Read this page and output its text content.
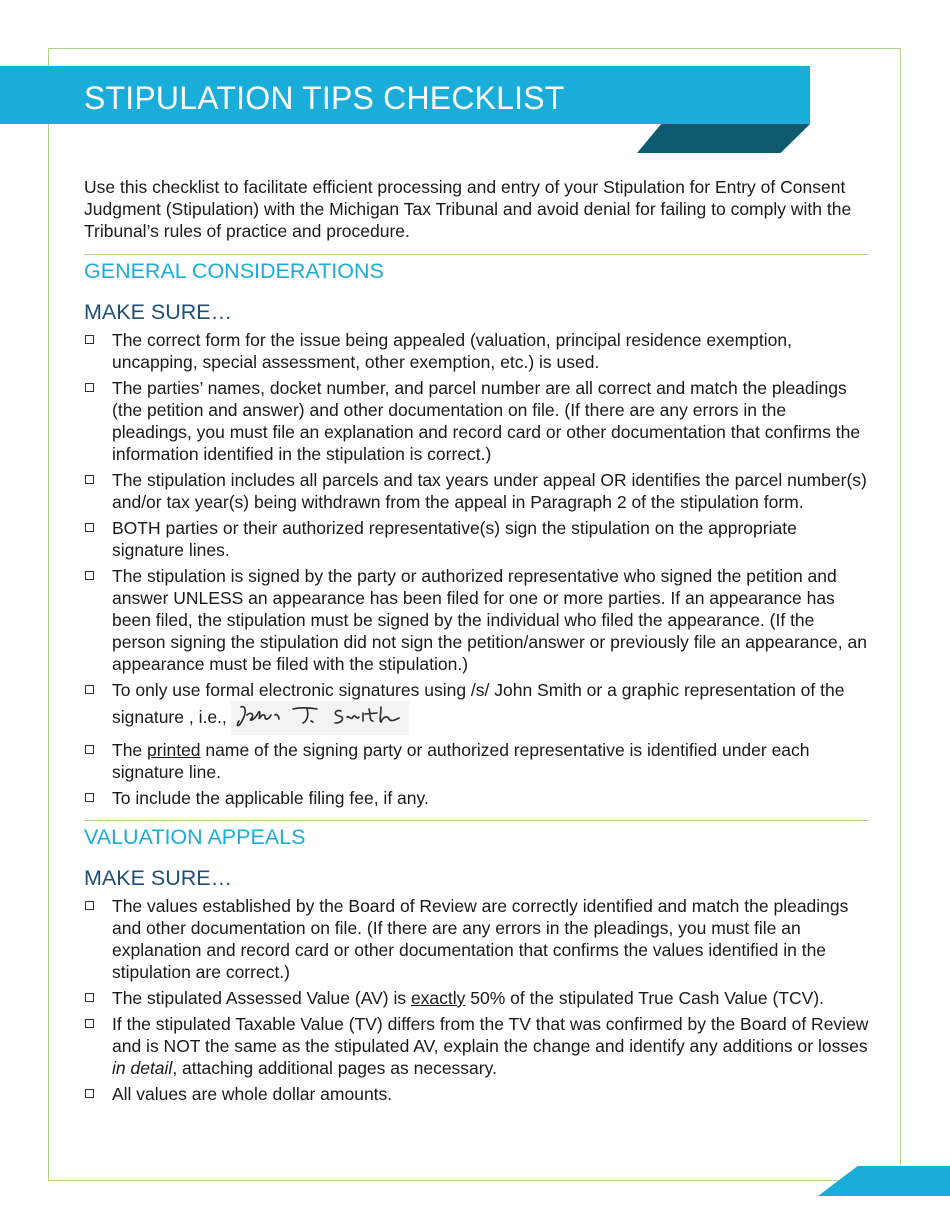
STIPULATION TIPS CHECKLIST

Use this checklist to facilitate efficient processing and entry of your Stipulation for Entry of Consent Judgment (Stipulation) with the Michigan Tax Tribunal and avoid denial for failing to comply with the Tribunal’s rules of practice and procedure.

GENERAL CONSIDERATIONS
MAKE SURE…
The correct form for the issue being appealed (valuation, principal residence exemption, uncapping, special assessment, other exemption, etc.) is used.
The parties’ names, docket number, and parcel number are all correct and match the pleadings (the petition and answer) and other documentation on file. (If there are any errors in the pleadings, you must file an explanation and record card or other documentation that confirms the information identified in the stipulation is correct.)
The stipulation includes all parcels and tax years under appeal OR identifies the parcel number(s) and/or tax year(s) being withdrawn from the appeal in Paragraph 2 of the stipulation form.
BOTH parties or their authorized representative(s) sign the stipulation on the appropriate signature lines.
The stipulation is signed by the party or authorized representative who signed the petition and answer UNLESS an appearance has been filed for one or more parties. If an appearance has been filed, the stipulation must be signed by the individual who filed the appearance. (If the person signing the stipulation did not sign the petition/answer or previously file an appearance, an appearance must be filed with the stipulation.)
To only use formal electronic signatures using /s/ John Smith or a graphic representation of the signature , i.e.,
John T. Smith
The printed name of the signing party or authorized representative is identified under each signature line.
To include the applicable filing fee, if any.
VALUATION APPEALS
MAKE SURE…
The values established by the Board of Review are correctly identified and match the pleadings and other documentation on file. (If there are any errors in the pleadings, you must file an explanation and record card or other documentation that confirms the values identified in the stipulation are correct.)
The stipulated Assessed Value (AV) is exactly 50% of the stipulated True Cash Value (TCV).
If the stipulated Taxable Value (TV) differs from the TV that was confirmed by the Board of Review and is NOT the same as the stipulated AV, explain the change and identify any additions or losses in detail, attaching additional pages as necessary.
All values are whole dollar amounts.
